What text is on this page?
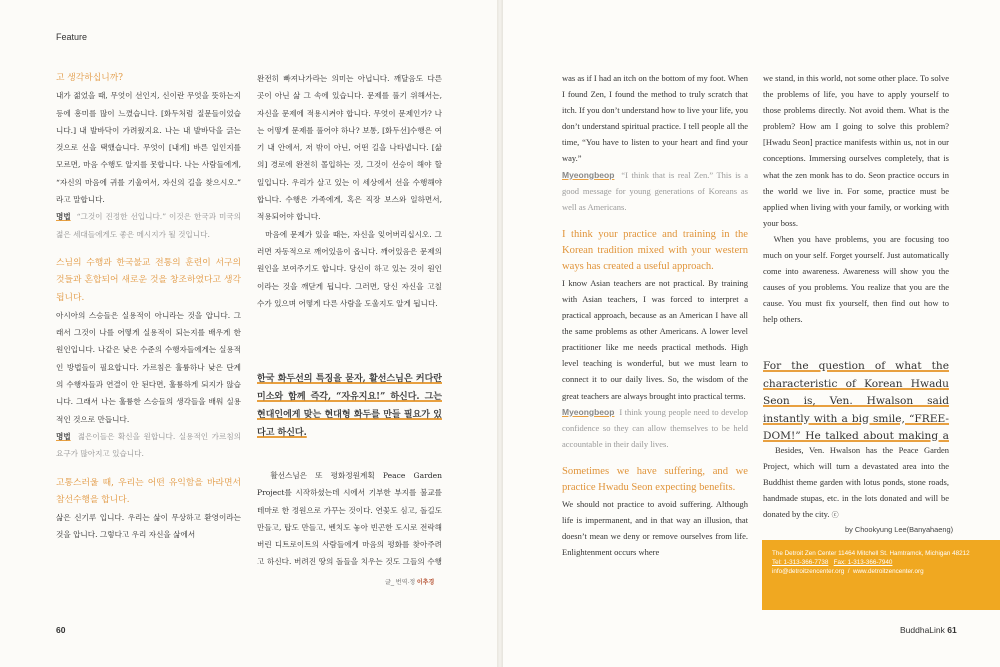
Feature

고 생각하십니까?

내가 젊었을 때, 무엇이 선인지, 신이란 무엇을 뜻하는지 등에 흥미를 많이 느꼈습니다. [화두처럼 질문들이었습니다.] 내 발바닥이 가려웠지요. 나는 내 발바닥을 긁는 것으로 선을 택했습니다. 무엇이 [내게] 바른 일인지를 모르면, 마음 수행도 알지를 못합니다. 나는 사람들에게, “자신의 마음에 귀를 기울여서, 자신의 길을 찾으시오.” 라고 말합니다.

명법 “그것이 진정한 선입니다.” 이것은 한국과 미국의 젊은 세대들에게도 좋은 메시지가 될 것입니다.

스님의 수행과 한국불교 전통의 훈련이 서구의 것들과 혼합되어 새로운 것을 창조하였다고 생각됩니다.

아시아의 스승들은 실용적이 아니라는 것을 압니다. 그래서 그것이 나를 어떻게 실용적이 되는지를 배우게 한 원인입니다. 나같은 낮은 수준의 수행자들에게는 실용적인 방법들이 필요합니다. 가르침은 훌륭하나 낮은 단계의 수행자들과 연결이 안 된다면, 훌륭하게 되지가 않습니다. 그래서 나는 훌륭한 스승들의 생각들을 배워 실용적인 것으로 만듭니다.

명법 젊은이들은 확신을 원합니다. 실용적인 가르침의 요구가 많아지고 있습니다.

고통스러울 때, 우리는 어떤 유익함을 바라면서 참선수행을 합니다.

삶은 신기루 입니다. 우리는 삶이 무상하고 환영이라는 것을 압니다. 그렇다고 우리 자신을 삶에서

완전히 빠져나가라는 의미는 아닙니다. 깨달음도 다른 곳이 아닌 삶 그 속에 있습니다. 문제를 풀기 위해서는, 자신을 문제에 적용시켜야 합니다. 무엇이 문제인가? 나는 어떻게 문제를 풀어야 하나? 보통, [화두선]수행은 여기 내 안에서, 저 밖이 아닌, 어떤 길을 나타냅니다. [삶의] 경로에 완전히 몰입하는 것, 그것이 선승이 해야 할 일입니다. 우리가 살고 있는 이 세상에서 선을 수행해야 합니다. 수행은 가족에게, 혹은 직장 보스와 일하면서, 적용되어야 합니다.

　마음에 문제가 있을 때는, 자신을 잊어버리십시오. 그러면 자동적으로 깨어있음이 옵니다. 깨어있음은 문제의 원인을 보여주기도 합니다. 당신이 하고 있는 것이 원인이라는 것을 깨닫게 됩니다. 그러면, 당신 자신을 고칠 수가 있으며 어떻게 다른 사람을 도울지도 알게 됩니다.

한국 화두선의 특징을 묻자, 활선스님은 커다란 미소와 함께 즉각, “자유지요!” 하신다. 그는 현대인에게 맞는 현대형 화두를 만들 필요가 있다고 하신다.

　활선스님은 또 평화정원계획 Peace Garden Project를 시작하셨는데 시에서 기부한 부지를 불교를 테마로 한 정원으로 가꾸는 것이다. 연꽃도 심고, 돌길도 만들고, 탑도 만들고, 벤치도 놓아 빈곤한 도시로 전락해버린 디트로이트의 사람들에게 마음의 평화를 찾아주려고 하신다. 버려진 땅의 돌들을 치우는 것도 그들의 수행

글_ 번역·정 이추경
60

was as if I had an itch on the bottom of my foot. When I found Zen, I found the method to truly scratch that itch. If you don’t understand how to live your life, you don’t understand spiritual practice. I tell people all the time, “You have to listen to your heart and find your way.”

Myeongbeop “I think that is real Zen.” This is a good message for young generations of Koreans as well as Americans.

I think your practice and training in the Korean tradition mixed with your western ways has created a useful approach.

I know Asian teachers are not practical. By training with Asian teachers, I was forced to interpret a practical approach, because as an American I have all the same problems as other Americans. A lower level practitioner like me needs practical methods. High level teaching is wonderful, but we must learn to connect it to our daily lives. So, the wisdom of the great teachers are always brought into practical terms.

Myeongbeop I think young people need to develop confidence so they can allow themselves to be held accountable in their daily lives.

Sometimes we have suffering, and we practice Hwadu Seon expecting benefits.

We should not practice to avoid suffering. Although life is impermanent, and in that way an illusion, that doesn’t mean we deny or remove ourselves from life. Enlightenment occurs where

we stand, in this world, not some other place. To solve the problems of life, you have to apply yourself to those problems directly. Not avoid them. What is the problem? How am I going to solve this problem? [Hwadu Seon] practice manifests within us, not in our conceptions. Immersing ourselves completely, that is what the zen monk has to do. Seon practice occurs in the world we live in. For some, practice must be applied when living with your family, or working with your boss.

　When you have problems, you are focusing too much on your self. Forget yourself. Just automatically come into awareness. Awareness will show you the causes of you problems. You realize that you are the cause. You must fix yourself, then find out how to help others.

For the question of what the characteristic of Korean Hwadu Seon is, Ven. Hwalson said instantly with a big smile, “FREE-DOM!” He talked about making a

　Besides, Ven. Hwalson has the Peace Garden Project, which will turn a devastated area into the Buddhist theme garden with lotus ponds, stone roads, handmade stupas, etc. in the lots donated and will be donated by the city. ⓒ

by Chookyung Lee(Banyahaeng)
The Detroit Zen Center 11464 Mitchell St. Hamtramck, Michigan 48212
Tel: 1-313-366-7738 Fax: 1-313-366-7940
info@detroitzencenter.org / www.detroitzencenter.org
BuddhaLink 61
